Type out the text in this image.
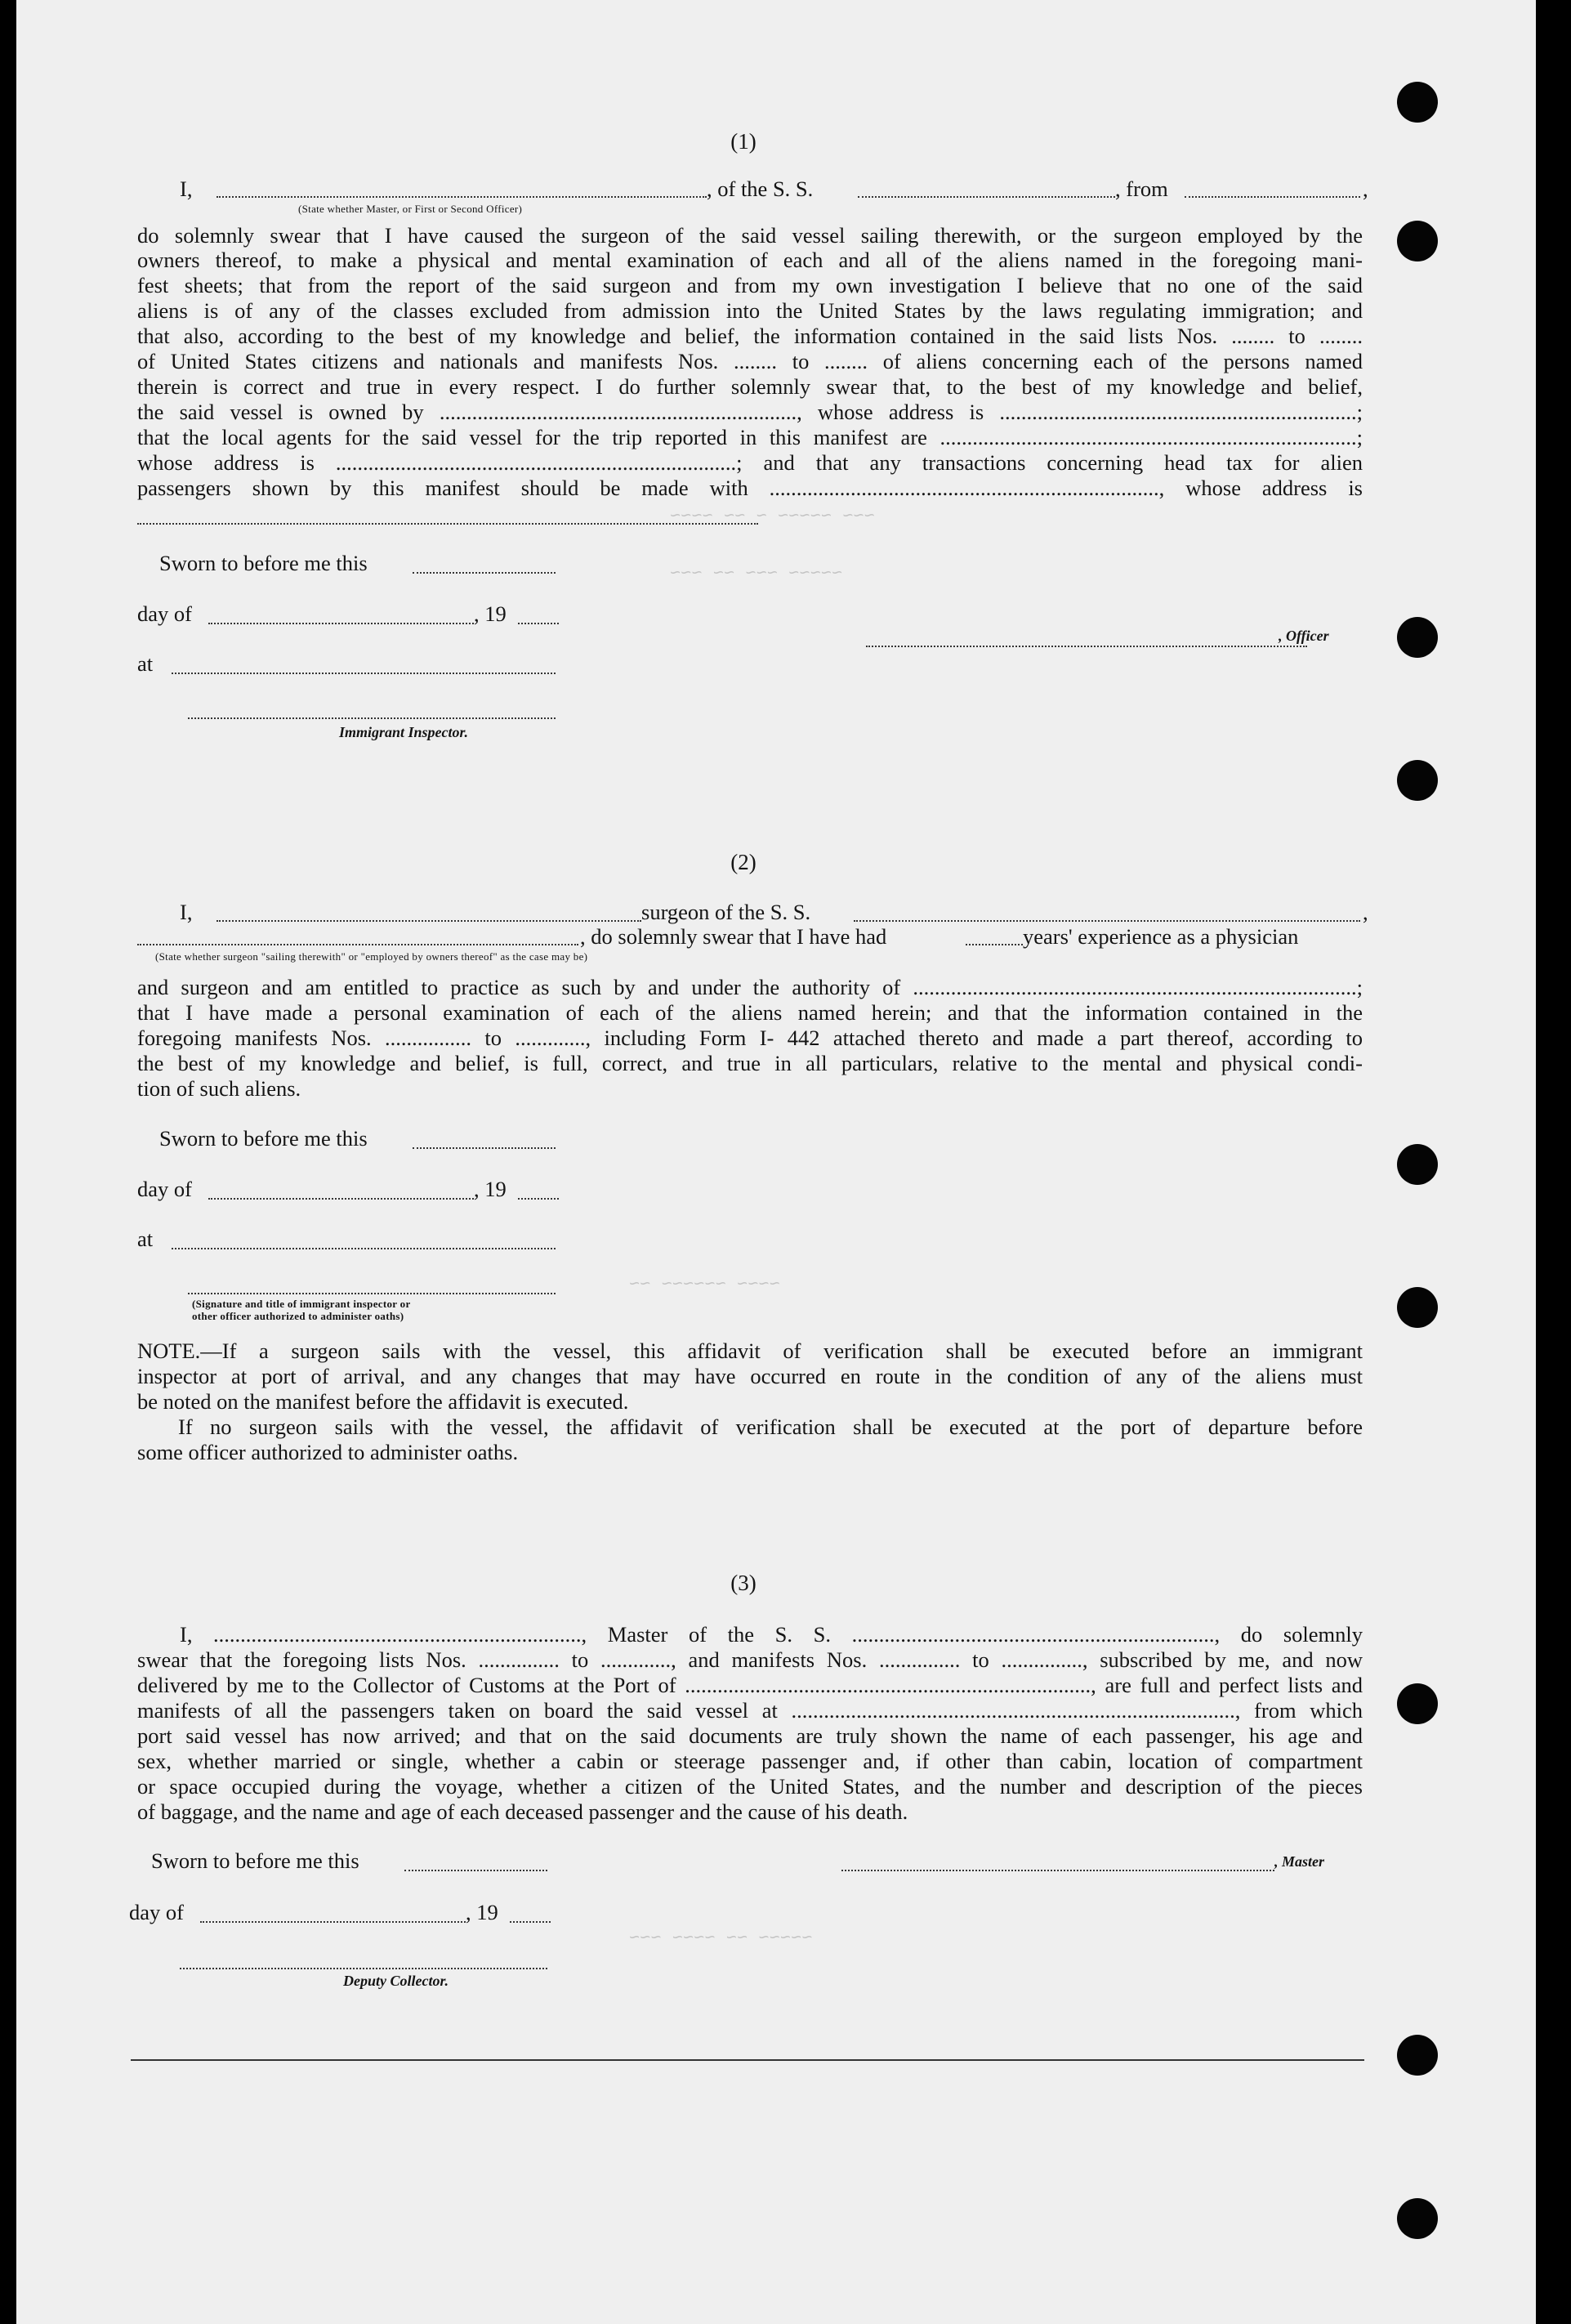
~~~ ~~~~~ ~ ~~ ~~~~
~~~~~ ~~~ ~~ ~~~
~~~~ ~~~~~~ ~~
~~~~~ ~~ ~~~~ ~~~
(1)
I,	, of the S. S.	, from	,
(State whether Master, or First or Second Officer)
do solemnly swear that I have caused the surgeon of the said vessel sailing therewith, or the surgeon employed by the
owners thereof, to make a physical and mental examination of each and all of the aliens named in the foregoing mani-
fest sheets; that from the report of the said surgeon and from my own investigation I believe that no one of the said
aliens is of any of the classes excluded from admission into the United States by the laws regulating immigration; and
that also, according to the best of my knowledge and belief, the information contained in the said lists Nos. ........ to ........
of United States citizens and nationals and manifests Nos. ........ to ........ of aliens concerning each of the persons named
therein is correct and true in every respect. I do further solemnly swear that, to the best of my knowledge and belief,
the said vessel is owned by .................................................................., whose address is ..................................................................;
that the local agents for the said vessel for the trip reported in this manifest are .............................................................................;
whose address is ..........................................................................; and that any transactions concerning head tax for alien
passengers shown by this manifest should be made with ........................................................................, whose address is
Sworn to before me this
day of	, 19
at
, Officer
Immigrant Inspector.
(2)
I,	surgeon of the S. S.	,
, do solemnly swear that I have had	years' experience as a physician
(State whether surgeon "sailing therewith" or "employed by owners thereof" as the case may be)
and surgeon and am entitled to practice as such by and under the authority of ..................................................................................;
that I have made a personal examination of each of the aliens named herein; and that the information contained in the
foregoing manifests Nos. ................ to ............., including Form I- 442 attached thereto and made a part thereof, according to
the best of my knowledge and belief, is full, correct, and true in all particulars, relative to the mental and physical condi-
tion of such aliens.
Sworn to before me this
day of	, 19
at
(Signature and title of immigrant inspector or
other officer authorized to administer oaths)
NOTE.—If a surgeon sails with the vessel, this affidavit of verification shall be executed before an immigrant
inspector at port of arrival, and any changes that may have occurred en route in the condition of any of the aliens must
be noted on the manifest before the affidavit is executed.
If no surgeon sails with the vessel, the affidavit of verification shall be executed at the port of departure before
some officer authorized to administer oaths.
(3)
I, ...................................................................., Master of the S. S. ..................................................................., do solemnly
swear that the foregoing lists Nos. ............... to ............., and manifests Nos. ............... to ..............., subscribed by me, and now
delivered by me to the Collector of Customs at the Port of ..........................................................................., are full and perfect lists and
manifests of all the passengers taken on board the said vessel at .................................................................................., from which
port said vessel has now arrived; and that on the said documents are truly shown the name of each passenger, his age and
sex, whether married or single, whether a cabin or steerage passenger and, if other than cabin, location of compartment
or space occupied during the voyage, whether a citizen of the United States, and the number and description of the pieces
of baggage, and the name and age of each deceased passenger and the cause of his death.
Sworn to before me this	, Master
day of	, 19
Deputy Collector.
